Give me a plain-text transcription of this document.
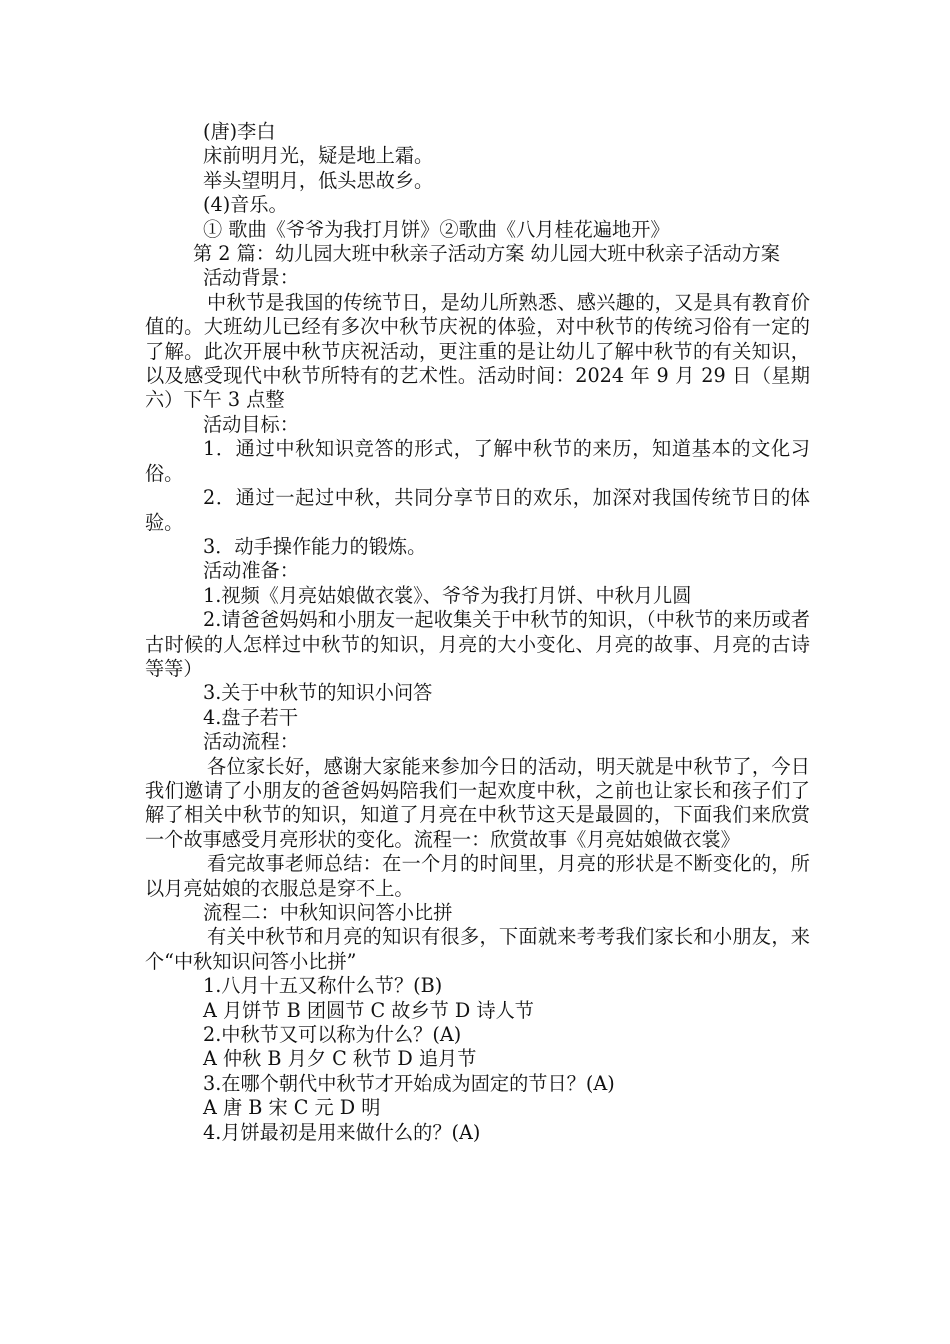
(唐)李白

床前明月光，疑是地上霜。

举头望明月，低头思故乡。

(4)音乐。

① 歌曲《爷爷为我打月饼》②歌曲《八月桂花遍地开》

第 2 篇：幼儿园大班中秋亲子活动方案 幼儿园大班中秋亲子活动方案

活动背景：

中秋节是我国的传统节日，是幼儿所熟悉、感兴趣的，又是具有教育价值的。大班幼儿已经有多次中秋节庆祝的体验，对中秋节的传统习俗有一定的了解。此次开展中秋节庆祝活动，更注重的是让幼儿了解中秋节的有关知识，以及感受现代中秋节所特有的艺术性。活动时间：2024 年 9 月 29 日（星期六）下午 3 点整

活动目标：

1．通过中秋知识竞答的形式，了解中秋节的来历，知道基本的文化习俗。

2．通过一起过中秋，共同分享节日的欢乐，加深对我国传统节日的体验。

3．动手操作能力的锻炼。

活动准备：

1.视频《月亮姑娘做衣裳》、爷爷为我打月饼、中秋月儿圆

2.请爸爸妈妈和小朋友一起收集关于中秋节的知识，（中秋节的来历或者古时候的人怎样过中秋节的知识，月亮的大小变化、月亮的故事、月亮的古诗等等）

3.关于中秋节的知识小问答

4.盘子若干

活动流程：

各位家长好，感谢大家能来参加今日的活动，明天就是中秋节了，今日我们邀请了小朋友的爸爸妈妈陪我们一起欢度中秋，之前也让家长和孩子们了解了相关中秋节的知识，知道了月亮在中秋节这天是最圆的，下面我们来欣赏一个故事感受月亮形状的变化。流程一：欣赏故事《月亮姑娘做衣裳》

看完故事老师总结：在一个月的时间里，月亮的形状是不断变化的，所以月亮姑娘的衣服总是穿不上。

流程二：中秋知识问答小比拼

有关中秋节和月亮的知识有很多，下面就来考考我们家长和小朋友，来个“中秋知识问答小比拼”

1.八月十五又称什么节？(B)

A 月饼节 B 团圆节 C 故乡节 D 诗人节

2.中秋节又可以称为什么？(A)

A 仲秋 B 月夕 C 秋节 D 追月节

3.在哪个朝代中秋节才开始成为固定的节日？(A)

A 唐 B 宋 C 元 D 明

4.月饼最初是用来做什么的？(A)
